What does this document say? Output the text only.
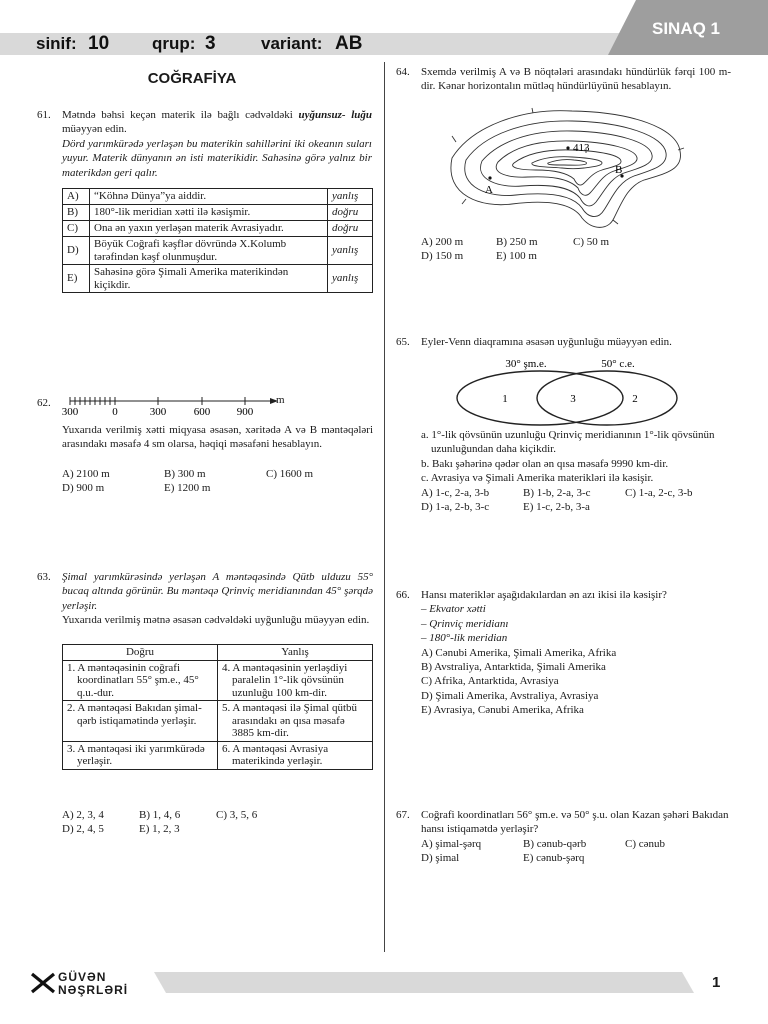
SINAQ 1
sinif: 10	qrup: 3	variant: AB
COĞRAFİYA
61. Mətndə bəhsi keçən materik ilə bağlı cədvəldəki uyğunsuz- luğu müəyyən edin.

Dörd yarımkürədə yerləşən bu materikin sahillərini iki okeanın suları yuyur. Materik dünyanın ən isti materikidir. Sahəsinə görə yalnız bir materikdən geri qalır.

A)	“Köhnə Dünya”ya aiddir.	yanlış
B)	180°-lik meridian xətti ilə kəsişmir.	doğru
C)	Ona ən yaxın yerləşən materik Avrasiyadır.	doğru
D)	Böyük Coğrafi kəşflər dövründə X.Kolumb tərəfindən kəşf olunmuşdur.	yanlış
E)	Sahəsinə görə Şimali Amerika materikindən kiçikdir.	yanlış
62.
300	0	300	600 900
m
Yuxarıda verilmiş xətti miqyasa əsasən, xəritədə A və B məntəqələri arasındakı məsafə 4 sm olarsa, həqiqi məsafəni hesablayın.
A) 2100 m	B) 300 m	C) 1600 m
D) 900 m	E) 1200 m
63. Şimal yarımkürəsində yerləşən A məntəqəsində Qütb ulduzu 55° bucaq altında görünür. Bu məntəqə Qrinviç meridianından 45° şərqdə yerləşir.

Yuxarıda verilmiş mətnə əsasən cədvəldəki uyğunluğu müəyyən edin.

Doğru	Yanlış
1. A məntəqəsinin coğrafi koordinatları 55° şm.e., 45° q.u.-dur.	4. A məntəqəsinin yerləşdiyi paralelin 1°-lik qövsünün uzunluğu 100 km-dir.
2. A məntəqəsi Bakıdan şimal-qərb istiqamətində yerləşir.	5. A məntəqəsi ilə Şimal qütbü arasındakı ən qısa məsafə 3885 km-dir.
3. A məntəqəsi iki yarımkürədə yerləşir.	6. A məntəqəsi Avrasiya materikində yerləşir.
A) 2, 3, 4	B) 1, 4, 6	C) 3, 5, 6
D) 2, 4, 5	E) 1, 2, 3
64. Sxemdə verilmiş A və B nöqtələri arasındakı hündürlük fərqi 100 m-dir. Kənar horizontalın mütləq hündürlüyünü hesablayın.
413
A
B
A) 200 m	B) 250 m	C) 50 m
D) 150 m	E) 100 m
65. Eyler-Venn diaqramına əsasən uyğunluğu müəyyən edin.
30° şm.e.	50° c.e.
1	3	2

a. 1°-lik qövsünün uzunluğu Qrinviç meridianının 1°-lik qövsünün uzunluğundan daha kiçikdir.

b. Bakı şəhərinə qədər olan ən qısa məsafə 9990 km-dir.

c. Avrasiya və Şimali Amerika materikləri ilə kəsişir.

A) 1-c, 2-a, 3-b	B) 1-b, 2-a, 3-c	C) 1-a, 2-c, 3-b
D) 1-a, 2-b, 3-c	E) 1-c, 2-b, 3-a
66. Hansı materiklər aşağıdakılardan ən azı ikisi ilə kəsişir?

– Ekvator xətti

– Qrinviç meridianı

– 180°-lik meridian

A) Cənubi Amerika, Şimali Amerika, Afrika

B) Avstraliya, Antarktida, Şimali Amerika

C) Afrika, Antarktida, Avrasiya

D) Şimali Amerika, Avstraliya, Avrasiya

E) Avrasiya, Cənubi Amerika, Afrika

67. Coğrafi koordinatları 56° şm.e. və 50° ş.u. olan Kazan şəhəri Bakıdan hansı istiqamətdə yerləşir?
A) şimal-şərq	B) cənub-qərb	C) cənub
D) şimal	E) cənub-şərq
GÜVƏN
NƏŞRLƏRİ	1
